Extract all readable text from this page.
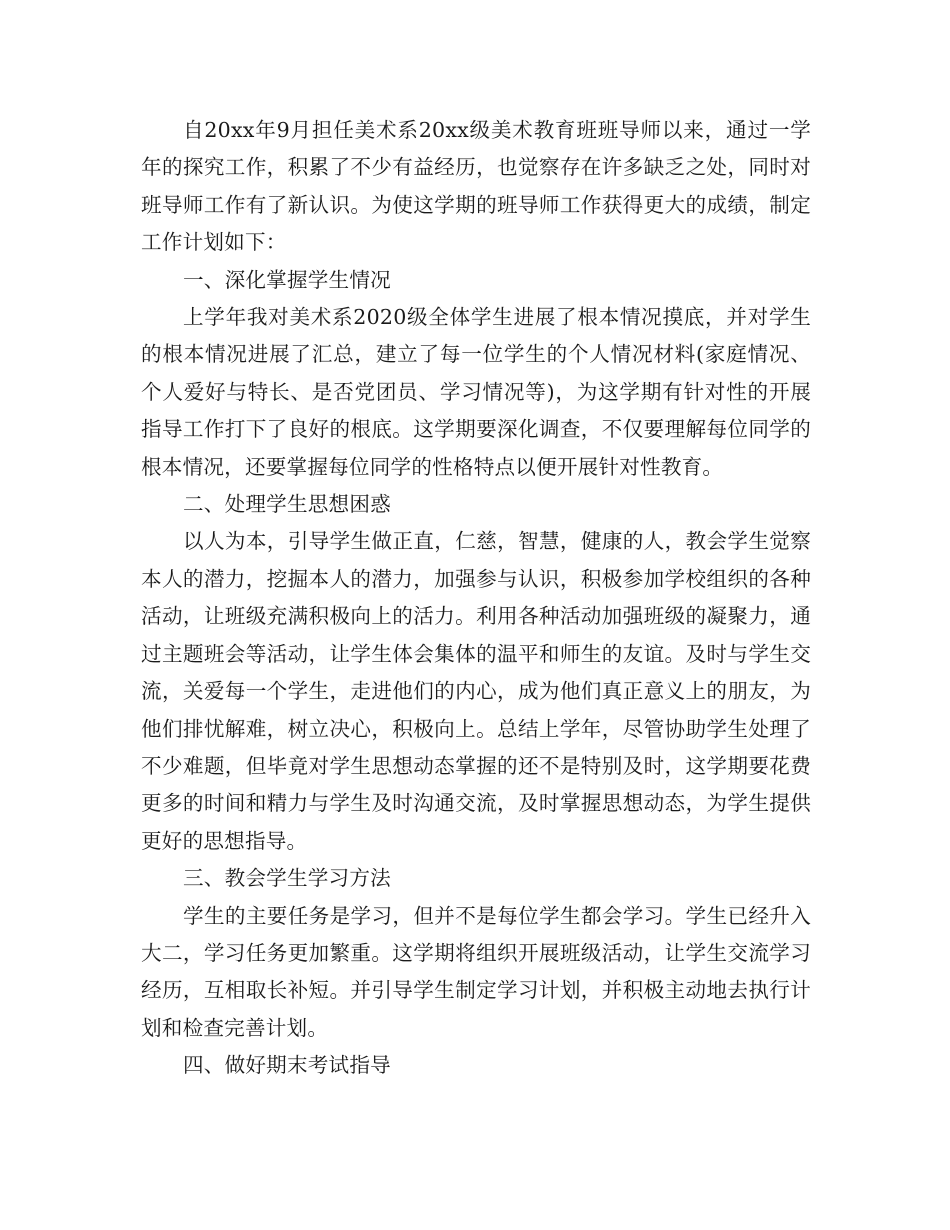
自20xx年9月担任美术系20xx级美术教育班班导师以来，通过一学年的探究工作，积累了不少有益经历，也觉察存在许多缺乏之处，同时对班导师工作有了新认识。为使这学期的班导师工作获得更大的成绩，制定工作计划如下：

一、深化掌握学生情况

上学年我对美术系2020级全体学生进展了根本情况摸底，并对学生的根本情况进展了汇总，建立了每一位学生的个人情况材料(家庭情况、个人爱好与特长、是否党团员、学习情况等)，为这学期有针对性的开展指导工作打下了良好的根底。这学期要深化调查，不仅要理解每位同学的根本情况，还要掌握每位同学的性格特点以便开展针对性教育。

二、处理学生思想困惑

以人为本，引导学生做正直，仁慈，智慧，健康的人，教会学生觉察本人的潜力，挖掘本人的潜力，加强参与认识，积极参加学校组织的各种活动，让班级充满积极向上的活力。利用各种活动加强班级的凝聚力，通过主题班会等活动，让学生体会集体的温平和师生的友谊。及时与学生交流，关爱每一个学生，走进他们的内心，成为他们真正意义上的朋友，为他们排忧解难，树立决心，积极向上。总结上学年，尽管协助学生处理了不少难题，但毕竟对学生思想动态掌握的还不是特别及时，这学期要花费更多的时间和精力与学生及时沟通交流，及时掌握思想动态，为学生提供更好的思想指导。

三、教会学生学习方法

学生的主要任务是学习，但并不是每位学生都会学习。学生已经升入大二，学习任务更加繁重。这学期将组织开展班级活动，让学生交流学习经历，互相取长补短。并引导学生制定学习计划，并积极主动地去执行计划和检查完善计划。

四、做好期末考试指导
